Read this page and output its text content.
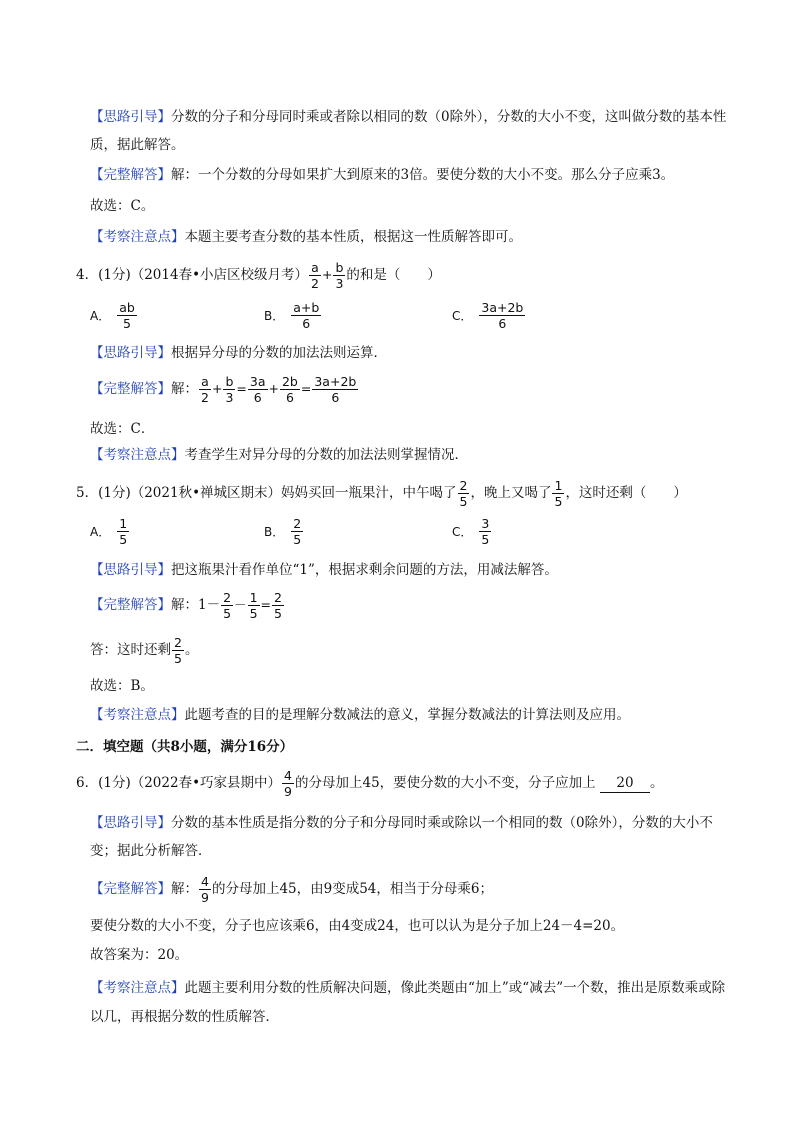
【思路引导】分数的分子和分母同时乘或者除以相同的数（0除外），分数的大小不变，这叫做分数的基本性质，据此解答。
【完整解答】解：一个分数的分母如果扩大到原来的3倍。要使分数的大小不变。那么分子应乘3。
故选：C。
【考察注意点】本题主要考查分数的基本性质，根据这一性质解答即可。
4．(1分)（2014春•小店区校级月考） $\frac{a}{2} + \frac{b}{3}$ 的和是（　　）
A． $\frac{ab}{5}$	B． $\frac{a+b}{6}$	C． $\frac{3a+2b}{6}$
【思路引导】根据异分母的分数的加法法则运算．
【完整解答】解： $\frac{a}{2} + \frac{b}{3} = \frac{3a}{6} + \frac{2b}{6} = \frac{3a+2b}{6}$
故选：C．
【考察注意点】考查学生对异分母的分数的加法法则掌握情况．
5．(1分)（2021秋•禅城区期末）妈妈买回一瓶果汁，中午喝了 $\frac{2}{5}$ ，晚上又喝了 $\frac{1}{5}$ ，这时还剩（　　）
A． $\frac{1}{5}$	B． $\frac{2}{5}$	C． $\frac{3}{5}$
【思路引导】把这瓶果汁看作单位“1”，根据求剩余问题的方法，用减法解答。
【完整解答】解：$1- \frac{2}{5} - \frac{1}{5} = \frac{2}{5}$
答：这时还剩 $\frac{2}{5}$ 。
故选：B。
【考察注意点】此题考查的目的是理解分数减法的意义，掌握分数减法的计算法则及应用。
二．填空题（共8小题，满分16分）
6．(1分)（2022春•巧家县期中） $\frac{4}{9}$ 的分母加上45，要使分数的大小不变，分子应加上 20 。
【思路引导】分数的基本性质是指分数的分子和分母同时乘或除以一个相同的数（0除外），分数的大小不变；据此分析解答．
【完整解答】解： $\frac{4}{9}$ 的分母加上45，由9变成54，相当于分母乘6；
要使分数的大小不变，分子也应该乘6，由4变成24，也可以认为是分子加上24－4=20。
故答案为：20。
【考察注意点】此题主要利用分数的性质解决问题，像此类题由“加上”或“减去”一个数，推出是原数乘或除以几，再根据分数的性质解答．
